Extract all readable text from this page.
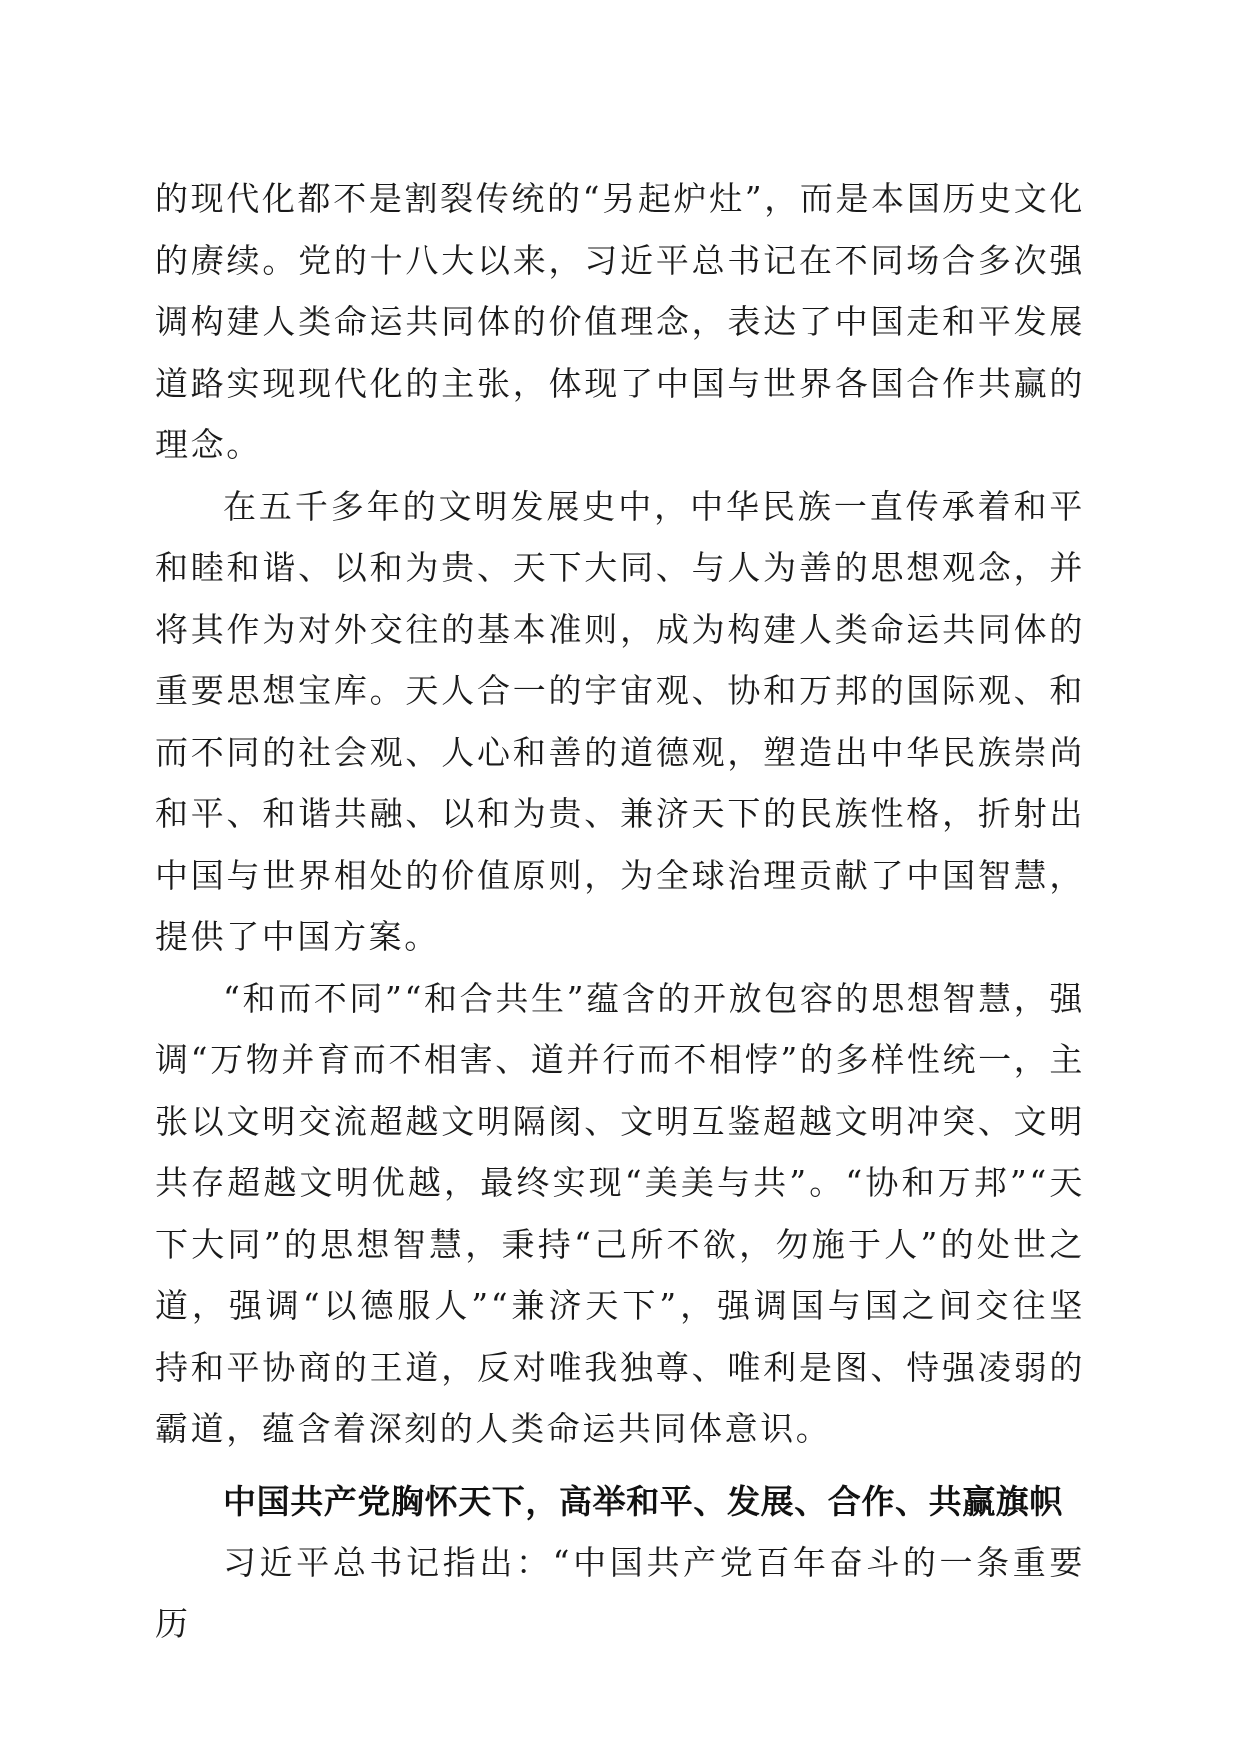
的现代化都不是割裂传统的“另起炉灶”，而是本国历史文化的赓续。党的十八大以来，习近平总书记在不同场合多次强调构建人类命运共同体的价值理念，表达了中国走和平发展道路实现现代化的主张，体现了中国与世界各国合作共赢的理念。

在五千多年的文明发展史中，中华民族一直传承着和平和睦和谐、以和为贵、天下大同、与人为善的思想观念，并将其作为对外交往的基本准则，成为构建人类命运共同体的重要思想宝库。天人合一的宇宙观、协和万邦的国际观、和而不同的社会观、人心和善的道德观，塑造出中华民族崇尚和平、和谐共融、以和为贵、兼济天下的民族性格，折射出中国与世界相处的价值原则，为全球治理贡献了中国智慧，提供了中国方案。

“和而不同”“和合共生”蕴含的开放包容的思想智慧，强调“万物并育而不相害、道并行而不相悖”的多样性统一，主张以文明交流超越文明隔阂、文明互鉴超越文明冲突、文明共存超越文明优越，最终实现“美美与共”。“协和万邦”“天下大同”的思想智慧，秉持“己所不欲，勿施于人”的处世之道，强调“以德服人”“兼济天下”，强调国与国之间交往坚持和平协商的王道，反对唯我独尊、唯利是图、恃强凌弱的霸道，蕴含着深刻的人类命运共同体意识。

中国共产党胸怀天下，高举和平、发展、合作、共赢旗帜

习近平总书记指出：“中国共产党百年奋斗的一条重要历
